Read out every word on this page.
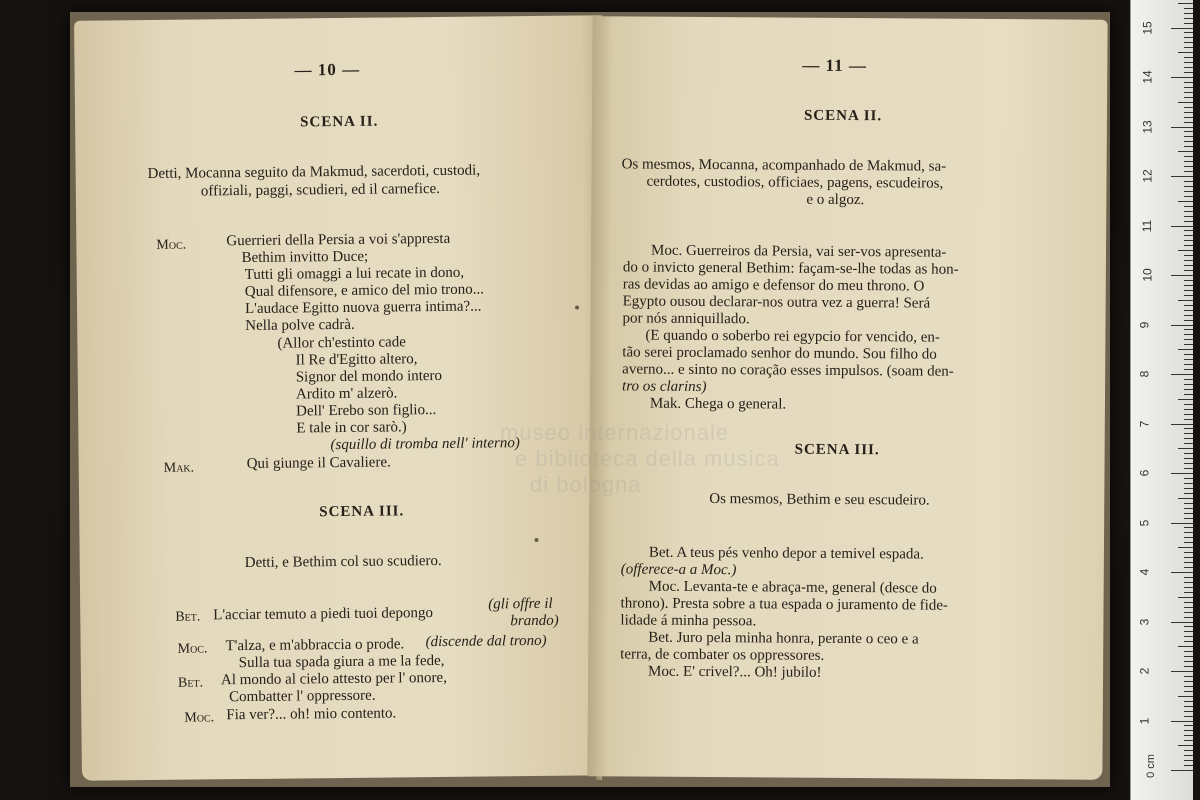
— 10 —
SCENA II.
Detti, Mocanna seguito da Makmud, sacerdoti, custodi,
offiziali, paggi, scudieri, ed il carnefice.
Moc.	Guerrieri della Persia a voi s'appresta
Bethim invitto Duce;
Tutti gli omaggi a lui recate in dono,
Qual difensore, e amico del mio trono...
L'audace Egitto nuova guerra intima?...
Nella polve cadrà.
(Allor ch'estinto cade
Il Re d'Egitto altero,
Signor del mondo intero
Ardito m' alzerò.
Dell' Erebo son figlio...
E tale in cor sarò.)
(squillo di tromba nell' interno)
Mak.	Qui giunge il Cavaliere.
SCENA III.
Detti, e Bethim col suo scudiero.
Bet. L'acciar temuto a piedi tuoi depongo
(gli offre il
brando)
Moc. T'alza, e m'abbraccia o prode. (discende dal trono)
Sulla tua spada giura a me la fede,
Bet. Al mondo al cielo attesto per l' onore,
Combatter l' oppressore.
Moc. Fia ver?... oh! mio contento.
— 11 —
SCENA II.
Os mesmos, Mocanna, acompanhado de Makmud, sa-
cerdotes, custodios, officiaes, pagens, escudeiros,
e o algoz.
Moc. Guerreiros da Persia, vai ser-vos apresenta-
do o invicto general Bethim: façam-se-lhe todas as hon-
ras devidas ao amigo e defensor do meu throno. O
Egypto ousou declarar-nos outra vez a guerra! Será
por nós anniquillado.
(E quando o soberbo rei egypcio for vencido, en-
tão serei proclamado senhor do mundo. Sou filho do
averno... e sinto no coração esses impulsos. (soam den-
tro os clarins)
Mak. Chega o general.
SCENA III.
Os mesmos, Bethim e seu escudeiro.
Bet. A teus pés venho depor a temivel espada.
(offerece-a a Moc.)
Moc. Levanta-te e abraça-me, general (desce do
throno). Presta sobre a tua espada o juramento de fide-
lidade á minha pessoa.
Bet. Juro pela minha honra, perante o ceo e a
terra, de combater os oppressores.
Moc. E' crivel?... Oh! jubilo!
museo internazionale
e biblioteca della musica
di bologna
0 cm
1
2
3
4
5
6
7
8
9
10
11
12
13
14
15
